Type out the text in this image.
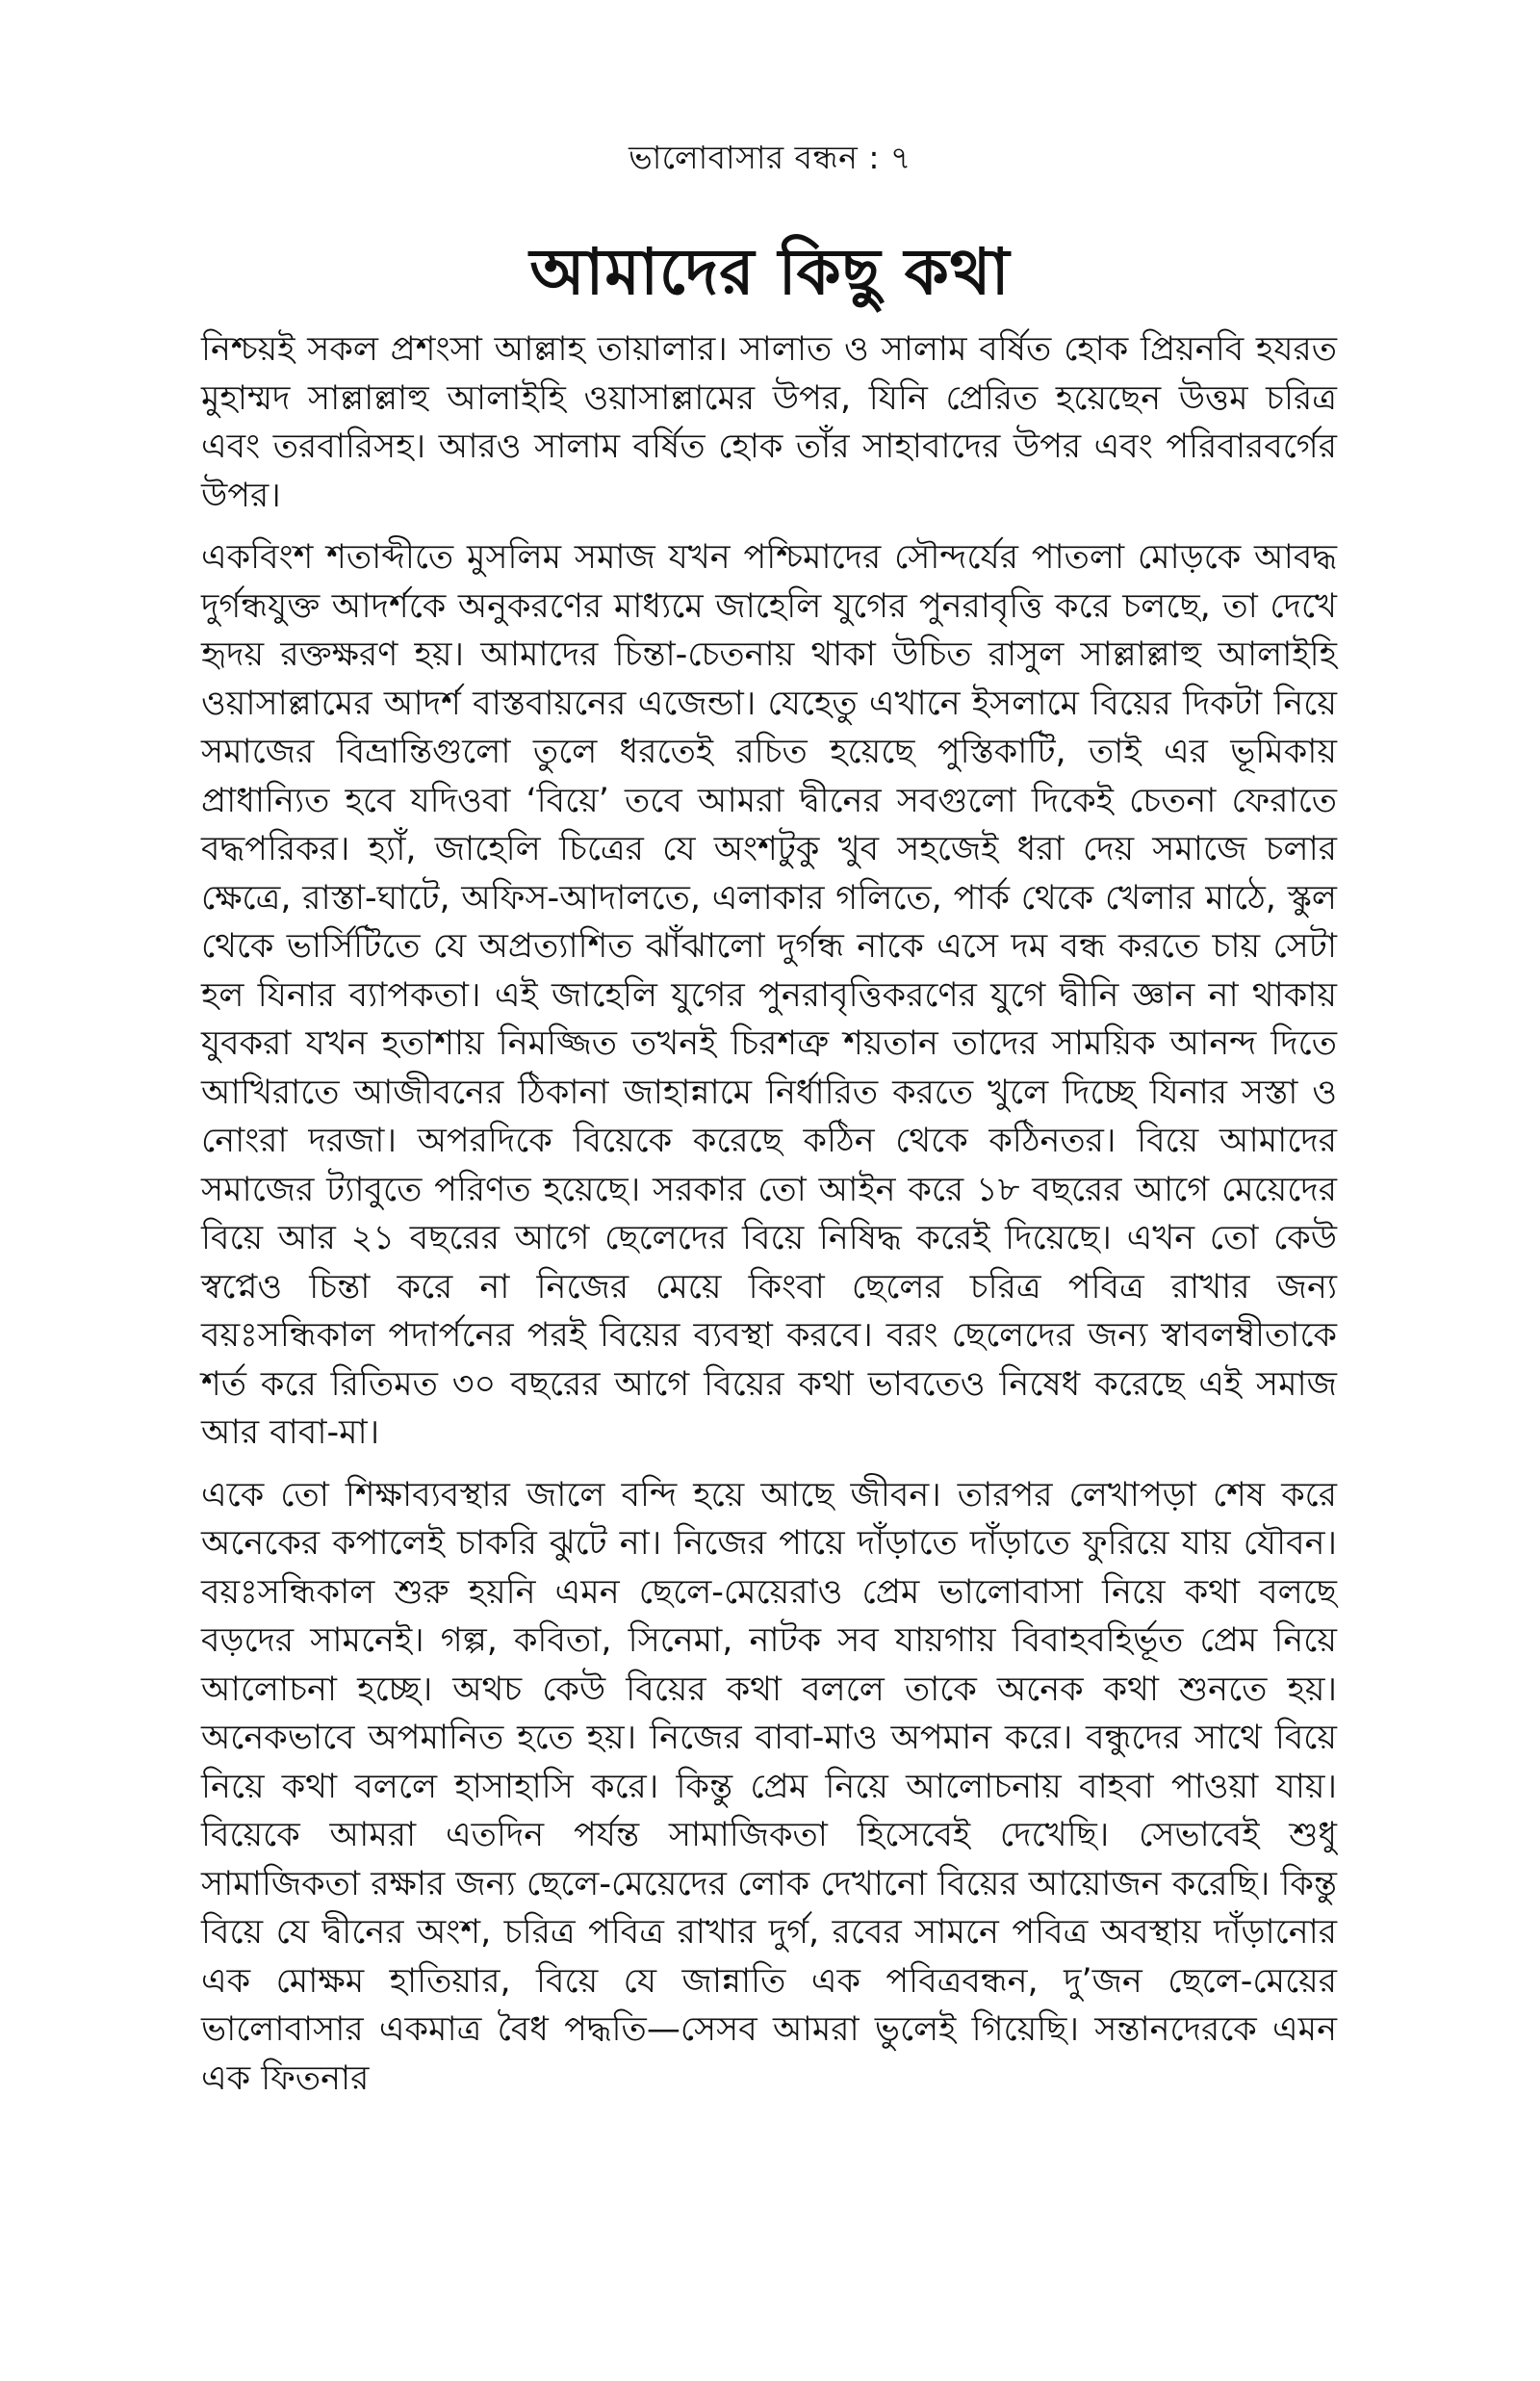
ভালোবাসার বন্ধন : ৭
আমাদের কিছু কথা

নিশ্চয়ই সকল প্রশংসা আল্লাহ তায়ালার। সালাত ও সালাম বর্ষিত হোক প্রিয়নবি হযরত মুহাম্মদ সাল্লাল্লাহু আলাইহি ওয়াসাল্লামের উপর, যিনি প্রেরিত হয়েছেন উত্তম চরিত্র এবং তরবারিসহ। আরও সালাম বর্ষিত হোক তাঁর সাহাবাদের উপর এবং পরিবারবর্গের উপর।

একবিংশ শতাব্দীতে মুসলিম সমাজ যখন পশ্চিমাদের সৌন্দর্যের পাতলা মোড়কে আবদ্ধ দুর্গন্ধযুক্ত আদর্শকে অনুকরণের মাধ্যমে জাহেলি যুগের পুনরাবৃত্তি করে চলছে, তা দেখে হৃদয় রক্তক্ষরণ হয়। আমাদের চিন্তা-চেতনায় থাকা উচিত রাসুল সাল্লাল্লাহু আলাইহি ওয়াসাল্লামের আদর্শ বাস্তবায়নের এজেন্ডা। যেহেতু এখানে ইসলামে বিয়ের দিকটা নিয়ে সমাজের বিভ্রান্তিগুলো তুলে ধরতেই রচিত হয়েছে পুস্তিকাটি, তাই এর ভূমিকায় প্রাধান্যিত হবে যদিওবা ‘বিয়ে’ তবে আমরা দ্বীনের সবগুলো দিকেই চেতনা ফেরাতে বদ্ধপরিকর। হ্যাঁ, জাহেলি চিত্রের যে অংশটুকু খুব সহজেই ধরা দেয় সমাজে চলার ক্ষেত্রে, রাস্তা-ঘাটে, অফিস-আদালতে, এলাকার গলিতে, পার্ক থেকে খেলার মাঠে, স্কুল থেকে ভার্সিটিতে যে অপ্রত্যাশিত ঝাঁঝালো দুর্গন্ধ নাকে এসে দম বন্ধ করতে চায় সেটা হল যিনার ব্যাপকতা। এই জাহেলি যুগের পুনরাবৃত্তিকরণের যুগে দ্বীনি জ্ঞান না থাকায় যুবকরা যখন হতাশায় নিমজ্জিত তখনই চিরশত্রু শয়তান তাদের সাময়িক আনন্দ দিতে আখিরাতে আজীবনের ঠিকানা জাহান্নামে নির্ধারিত করতে খুলে দিচ্ছে যিনার সস্তা ও নোংরা দরজা। অপরদিকে বিয়েকে করেছে কঠিন থেকে কঠিনতর। বিয়ে আমাদের সমাজের ট্যাবুতে পরিণত হয়েছে। সরকার তো আইন করে ১৮ বছরের আগে মেয়েদের বিয়ে আর ২১ বছরের আগে ছেলেদের বিয়ে নিষিদ্ধ করেই দিয়েছে। এখন তো কেউ স্বপ্নেও চিন্তা করে না নিজের মেয়ে কিংবা ছেলের চরিত্র পবিত্র রাখার জন্য বয়ঃসন্ধিকাল পদার্পনের পরই বিয়ের ব্যবস্থা করবে। বরং ছেলেদের জন্য স্বাবলম্বীতাকে শর্ত করে রিতিমত ৩০ বছরের আগে বিয়ের কথা ভাবতেও নিষেধ করেছে এই সমাজ আর বাবা-মা।

একে তো শিক্ষাব্যবস্থার জালে বন্দি হয়ে আছে জীবন। তারপর লেখাপড়া শেষ করে অনেকের কপালেই চাকরি ঝুটে না। নিজের পায়ে দাঁড়াতে দাঁড়াতে ফুরিয়ে যায় যৌবন। বয়ঃসন্ধিকাল শুরু হয়নি এমন ছেলে-মেয়েরাও প্রেম ভালোবাসা নিয়ে কথা বলছে বড়দের সামনেই। গল্প, কবিতা, সিনেমা, নাটক সব যায়গায় বিবাহবহির্ভূত প্রেম নিয়ে আলোচনা হচ্ছে। অথচ কেউ বিয়ের কথা বললে তাকে অনেক কথা শুনতে হয়। অনেকভাবে অপমানিত হতে হয়। নিজের বাবা-মাও অপমান করে। বন্ধুদের সাথে বিয়ে নিয়ে কথা বললে হাসাহাসি করে। কিন্তু প্রেম নিয়ে আলোচনায় বাহবা পাওয়া যায়। বিয়েকে আমরা এতদিন পর্যন্ত সামাজিকতা হিসেবেই দেখেছি। সেভাবেই শুধু সামাজিকতা রক্ষার জন্য ছেলে-মেয়েদের লোক দেখানো বিয়ের আয়োজন করেছি। কিন্তু বিয়ে যে দ্বীনের অংশ, চরিত্র পবিত্র রাখার দুর্গ, রবের সামনে পবিত্র অবস্থায় দাঁড়ানোর এক মোক্ষম হাতিয়ার, বিয়ে যে জান্নাতি এক পবিত্রবন্ধন, দু’জন ছেলে-মেয়ের ভালোবাসার একমাত্র বৈধ পদ্ধতি—সেসব আমরা ভুলেই গিয়েছি। সন্তানদেরকে এমন এক ফিতনার
